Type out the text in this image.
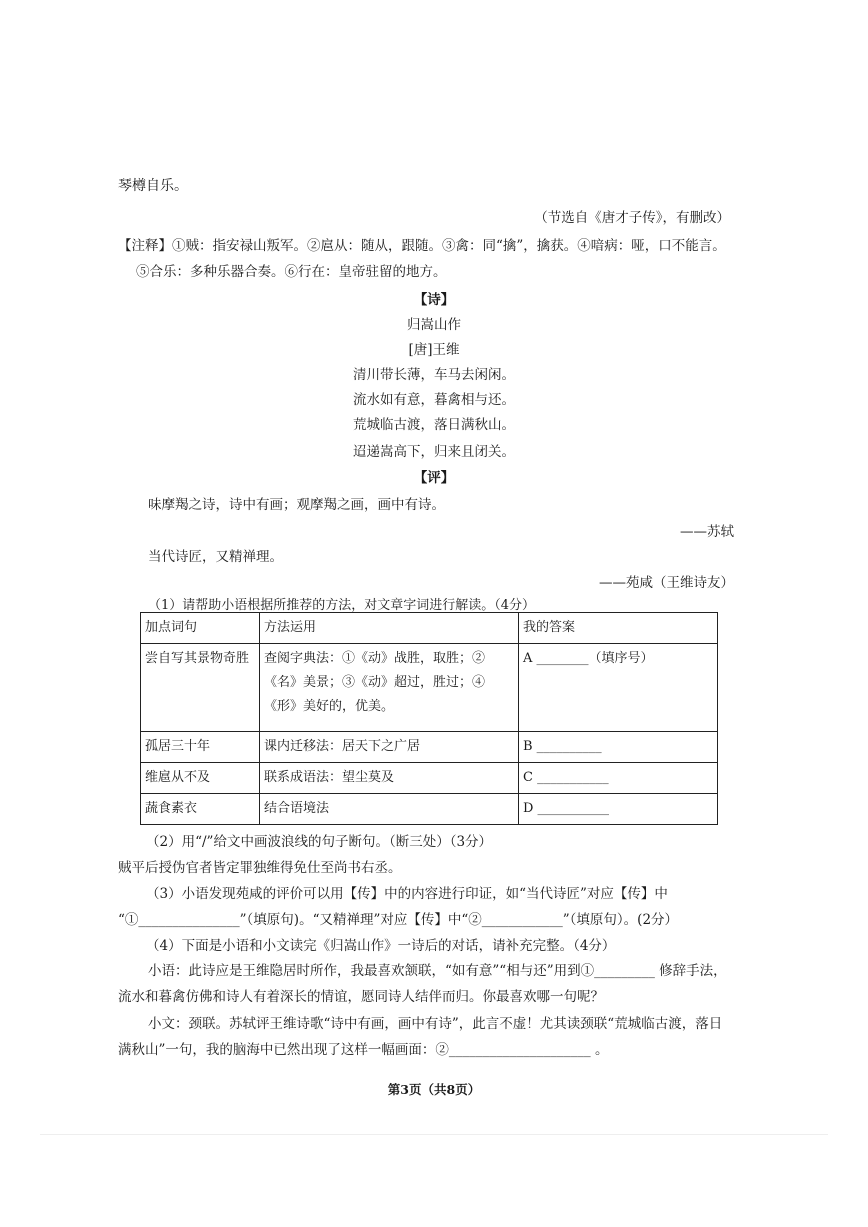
琴樽自乐。
（节选自《唐才子传》，有删改）
【注释】①贼：指安禄山叛军。②扈从：随从，跟随。③禽：同“擒”，擒获。④喑病：哑，口不能言。
⑤合乐：多种乐器合奏。⑥行在：皇帝驻留的地方。
【诗】
归嵩山作
[唐]王维
清川带长薄，车马去闲闲。
流水如有意，暮禽相与还。
荒城临古渡，落日满秋山。
迢递嵩高下，归来且闭关。
【评】
味摩羯之诗，诗中有画；观摩羯之画，画中有诗。
——苏轼
当代诗匠，又精禅理。
——苑咸（王维诗友）
（1）请帮助小语根据所推荐的方法，对文章字词进行解读。（4分）
加点词句	方法运用	我的答案
尝自写其景物奇胜	查阅字典法：①《动》战胜，取胜；②《名》美景；③《动》超过，胜过；④《形》美好的，优美。	A ________（填序号）
孤居三十年	课内迁移法：居天下之广居	B __________
维扈从不及	联系成语法：望尘莫及	C ___________
蔬食素衣	结合语境法	D ___________
（2）用“/”给文中画波浪线的句子断句。（断三处）（3分）
贼平后授伪官者皆定罪独维得免仕至尚书右丞。
（3）小语发现苑咸的评价可以用【传】中的内容进行印证，如“当代诗匠”对应【传】中
“①_______________”（填原句)。“又精禅理”对应【传】中“②____________”（填原句）。(2分）
（4）下面是小语和小文读完《归嵩山作》一诗后的对话，请补充完整。（4分）
小语：此诗应是王维隐居时所作，我最喜欢颔联，“如有意”“相与还”用到①_________ 修辞手法，
流水和暮禽仿佛和诗人有着深长的情谊，愿同诗人结伴而归。你最喜欢哪一句呢？
小文：颈联。苏轼评王维诗歌“诗中有画，画中有诗”，此言不虚！尤其读颈联“荒城临古渡，落日
满秋山”一句，我的脑海中已然出现了这样一幅画面：②_____________________ 。
第3页（共8页）
